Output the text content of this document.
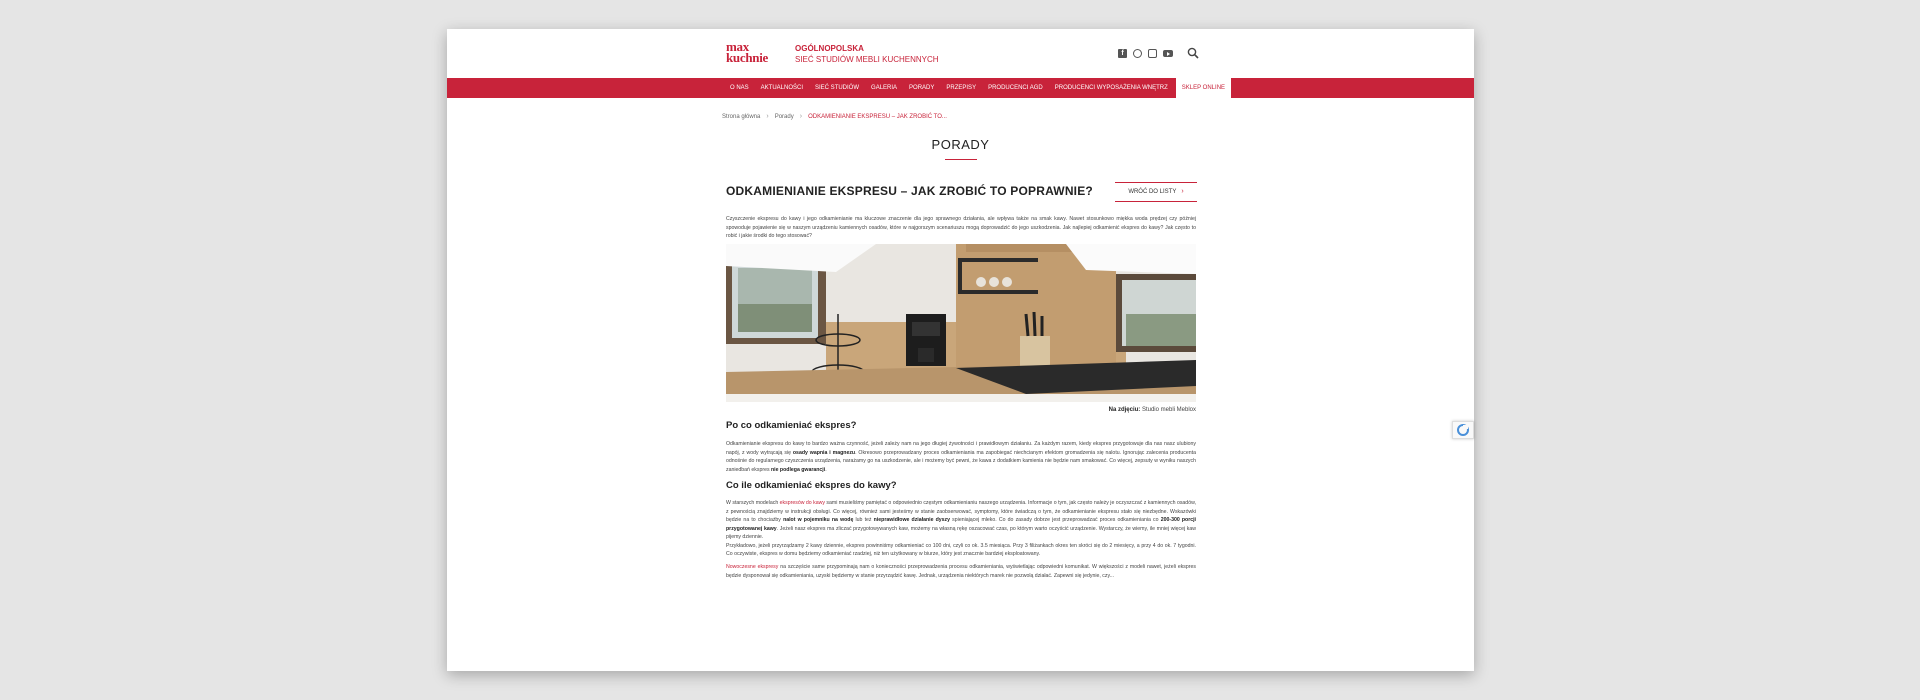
max
kuchnie
OGÓLNOPOLSKA
SIEĆ STUDIÓW MEBLI KUCHENNYCH
f
O NAS	AKTUALNOŚCI	SIEĆ STUDIÓW	GALERIA	PORADY	PRZEPISY	PRODUCENCI AGD	PRODUCENCI WYPOSAŻENIA WNĘTRZ	SKLEP ONLINE
Strona główna › Porady › ODKAMIENIANIE EKSPRESU – JAK ZROBIĆ TO...
PORADY
ODKAMIENIANIE EKSPRESU – JAK ZROBIĆ TO POPRAWNIE?	WRÓĆ DO LISTY ›

Czyszczenie ekspresu do kawy i jego odkamienianie ma kluczowe znaczenie dla jego sprawnego działania, ale wpływa także na smak kawy. Nawet stosunkowo miękka woda prędzej czy później spowoduje pojawienie się w naszym urządzeniu kamiennych osadów, które w najgorszym scenariuszu mogą doprowadzić do jego uszkodzenia. Jak najlepiej odkamienić ekspres do kawy? Jak często to robić i jakie środki do tego stosować?

Na zdjęciu: Studio mebli Meblox
Po co odkamieniać ekspres?

Odkamienianie ekspresu do kawy to bardzo ważna czynność, jeżeli zależy nam na jego długiej żywotności i prawidłowym działaniu. Za każdym razem, kiedy ekspres przygotowuje dla nas nasz ulubiony napój, z wody wytrącają się osady wapnia i magnezu. Okresowo przeprowadzany proces odkamieniania ma zapobiegać niechcianym efektom gromadzenia się nalotu. Ignorując zalecenia producenta odnośnie do regularnego czyszczenia urządzenia, narażamy go na uszkodzenie, ale i możemy być pewni, że kawa z dodatkiem kamienia nie będzie nam smakować. Co więcej, zepsuty w wyniku naszych zaniedbań ekspres nie podlega gwarancji.

Co ile odkamieniać ekspres do kawy?

W starszych modelach ekspresów do kawy sami musieliśmy pamiętać o odpowiednio częstym odkamienianiu naszego urządzenia. Informacje o tym, jak często należy je oczyszczać z kamiennych osadów, z pewnością znajdziemy w instrukcji obsługi. Co więcej, również sami jesteśmy w stanie zaobserwować, symptomy, które świadczą o tym, że odkamienianie ekspresu stało się niezbędne. Wskazówki będzie na to chociażby nalot w pojemniku na wodę lub też nieprawidłowe działanie dyszy spieniającej mleko. Co do zasady dobrze jest przeprowadzać proces odkamieniania co 200-300 porcji przygotowanej kawy. Jeżeli nasz ekspres ma zliczać przygotowywanych kaw, możemy na własną rękę oszacować czas, po którym warto oczyścić urządzenie. Wystarczy, że wiemy, ile mniej więcej kaw pijemy dziennie.

Przykładowo, jeżeli przyrządzamy 2 kawy dziennie, ekspres powinniśmy odkamieniać co 100 dni, czyli co ok. 3.5 miesiąca. Przy 3 filiżankach okres ten skróci się do 2 miesięcy, a przy 4 do ok. 7 tygodni. Co oczywiste, ekspres w domu będziemy odkamieniać rzadziej, niż ten użytkowany w biurze, który jest znacznie bardziej eksploatowany.

Nowoczesne ekspresy na szczęście same przypominają nam o konieczności przeprowadzenia procesu odkamieniania, wyświetlając odpowiedni komunikat. W większości z modeli nawet, jeżeli ekspres będzie dysponował się odkamieniania, uzyski będziemy w stanie przyrządzić kawę. Jednak, urządzenia niektórych marek nie pozwolą działać. Zapewni się jedynie, czy...
